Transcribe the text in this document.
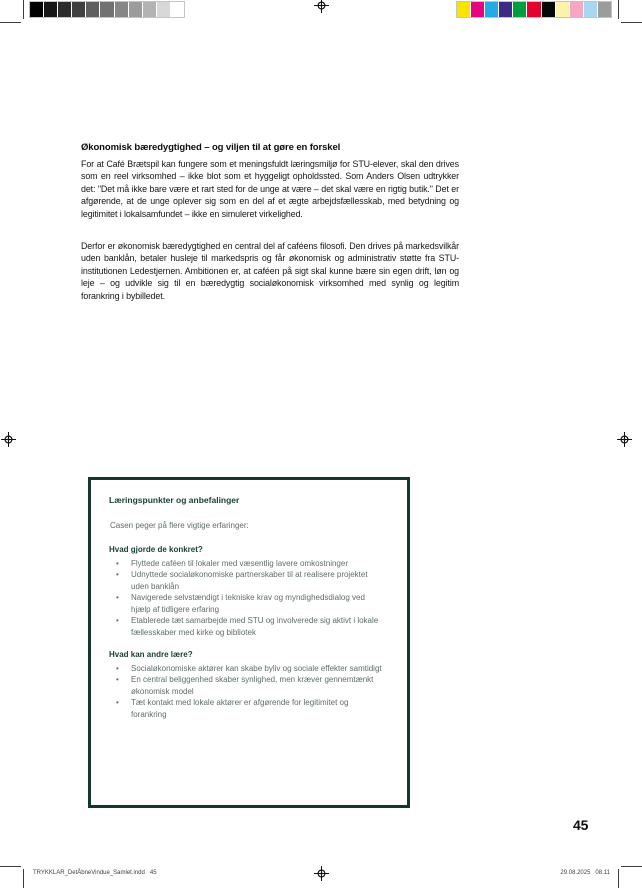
Økonomisk bæredygtighed – og viljen til at gøre en forskel

For at Café Brætspil kan fungere som et meningsfuldt læringsmiljø for STU-elever, skal den drives som en reel virksomhed – ikke blot som et hyggeligt opholdssted. Som Anders Olsen udtrykker det: "Det må ikke bare være et rart sted for de unge at være – det skal være en rigtig butik." Det er afgørende, at de unge oplever sig som en del af et ægte arbejdsfællesskab, med betydning og legitimitet i lokalsamfundet – ikke en simuleret virkelighed.

Derfor er økonomisk bæredygtighed en central del af caféens filosofi. Den drives på markedsvilkår uden banklån, betaler husleje til markedspris og får økonomisk og administrativ støtte fra STU-institutionen Ledestjernen. Ambitionen er, at caféen på sigt skal kunne bære sin egen drift, løn og leje – og udvikle sig til en bæredygtig socialøkonomisk virksomhed med synlig og legitim forankring i bybilledet.

Læringspunkter og anbefalinger

Casen peger på flere vigtige erfaringer:

Hvad gjorde de konkret?
• Flyttede caféen til lokaler med væsentlig lavere omkostninger
• Udnyttede socialøkonomiske partnerskaber til at realisere projektet uden banklån
• Navigerede selvstændigt i tekniske krav og myndighedsdialog ved hjælp af tidligere erfaring
• Etablerede tæt samarbejde med STU og involverede sig aktivt i lokale fællesskaber med kirke og bibliotek
Hvad kan andre lære?
• Socialøkonomiske aktører kan skabe byliv og sociale effekter samtidigt
• En central beliggenhed skaber synlighed, men kræver gennemtænkt økonomisk model
• Tæt kontakt med lokale aktører er afgørende for legitimitet og forankring
45
TRYKKLAR_DetÅbneVindue_Samlet.indd   45	29.08.2025   08.11
